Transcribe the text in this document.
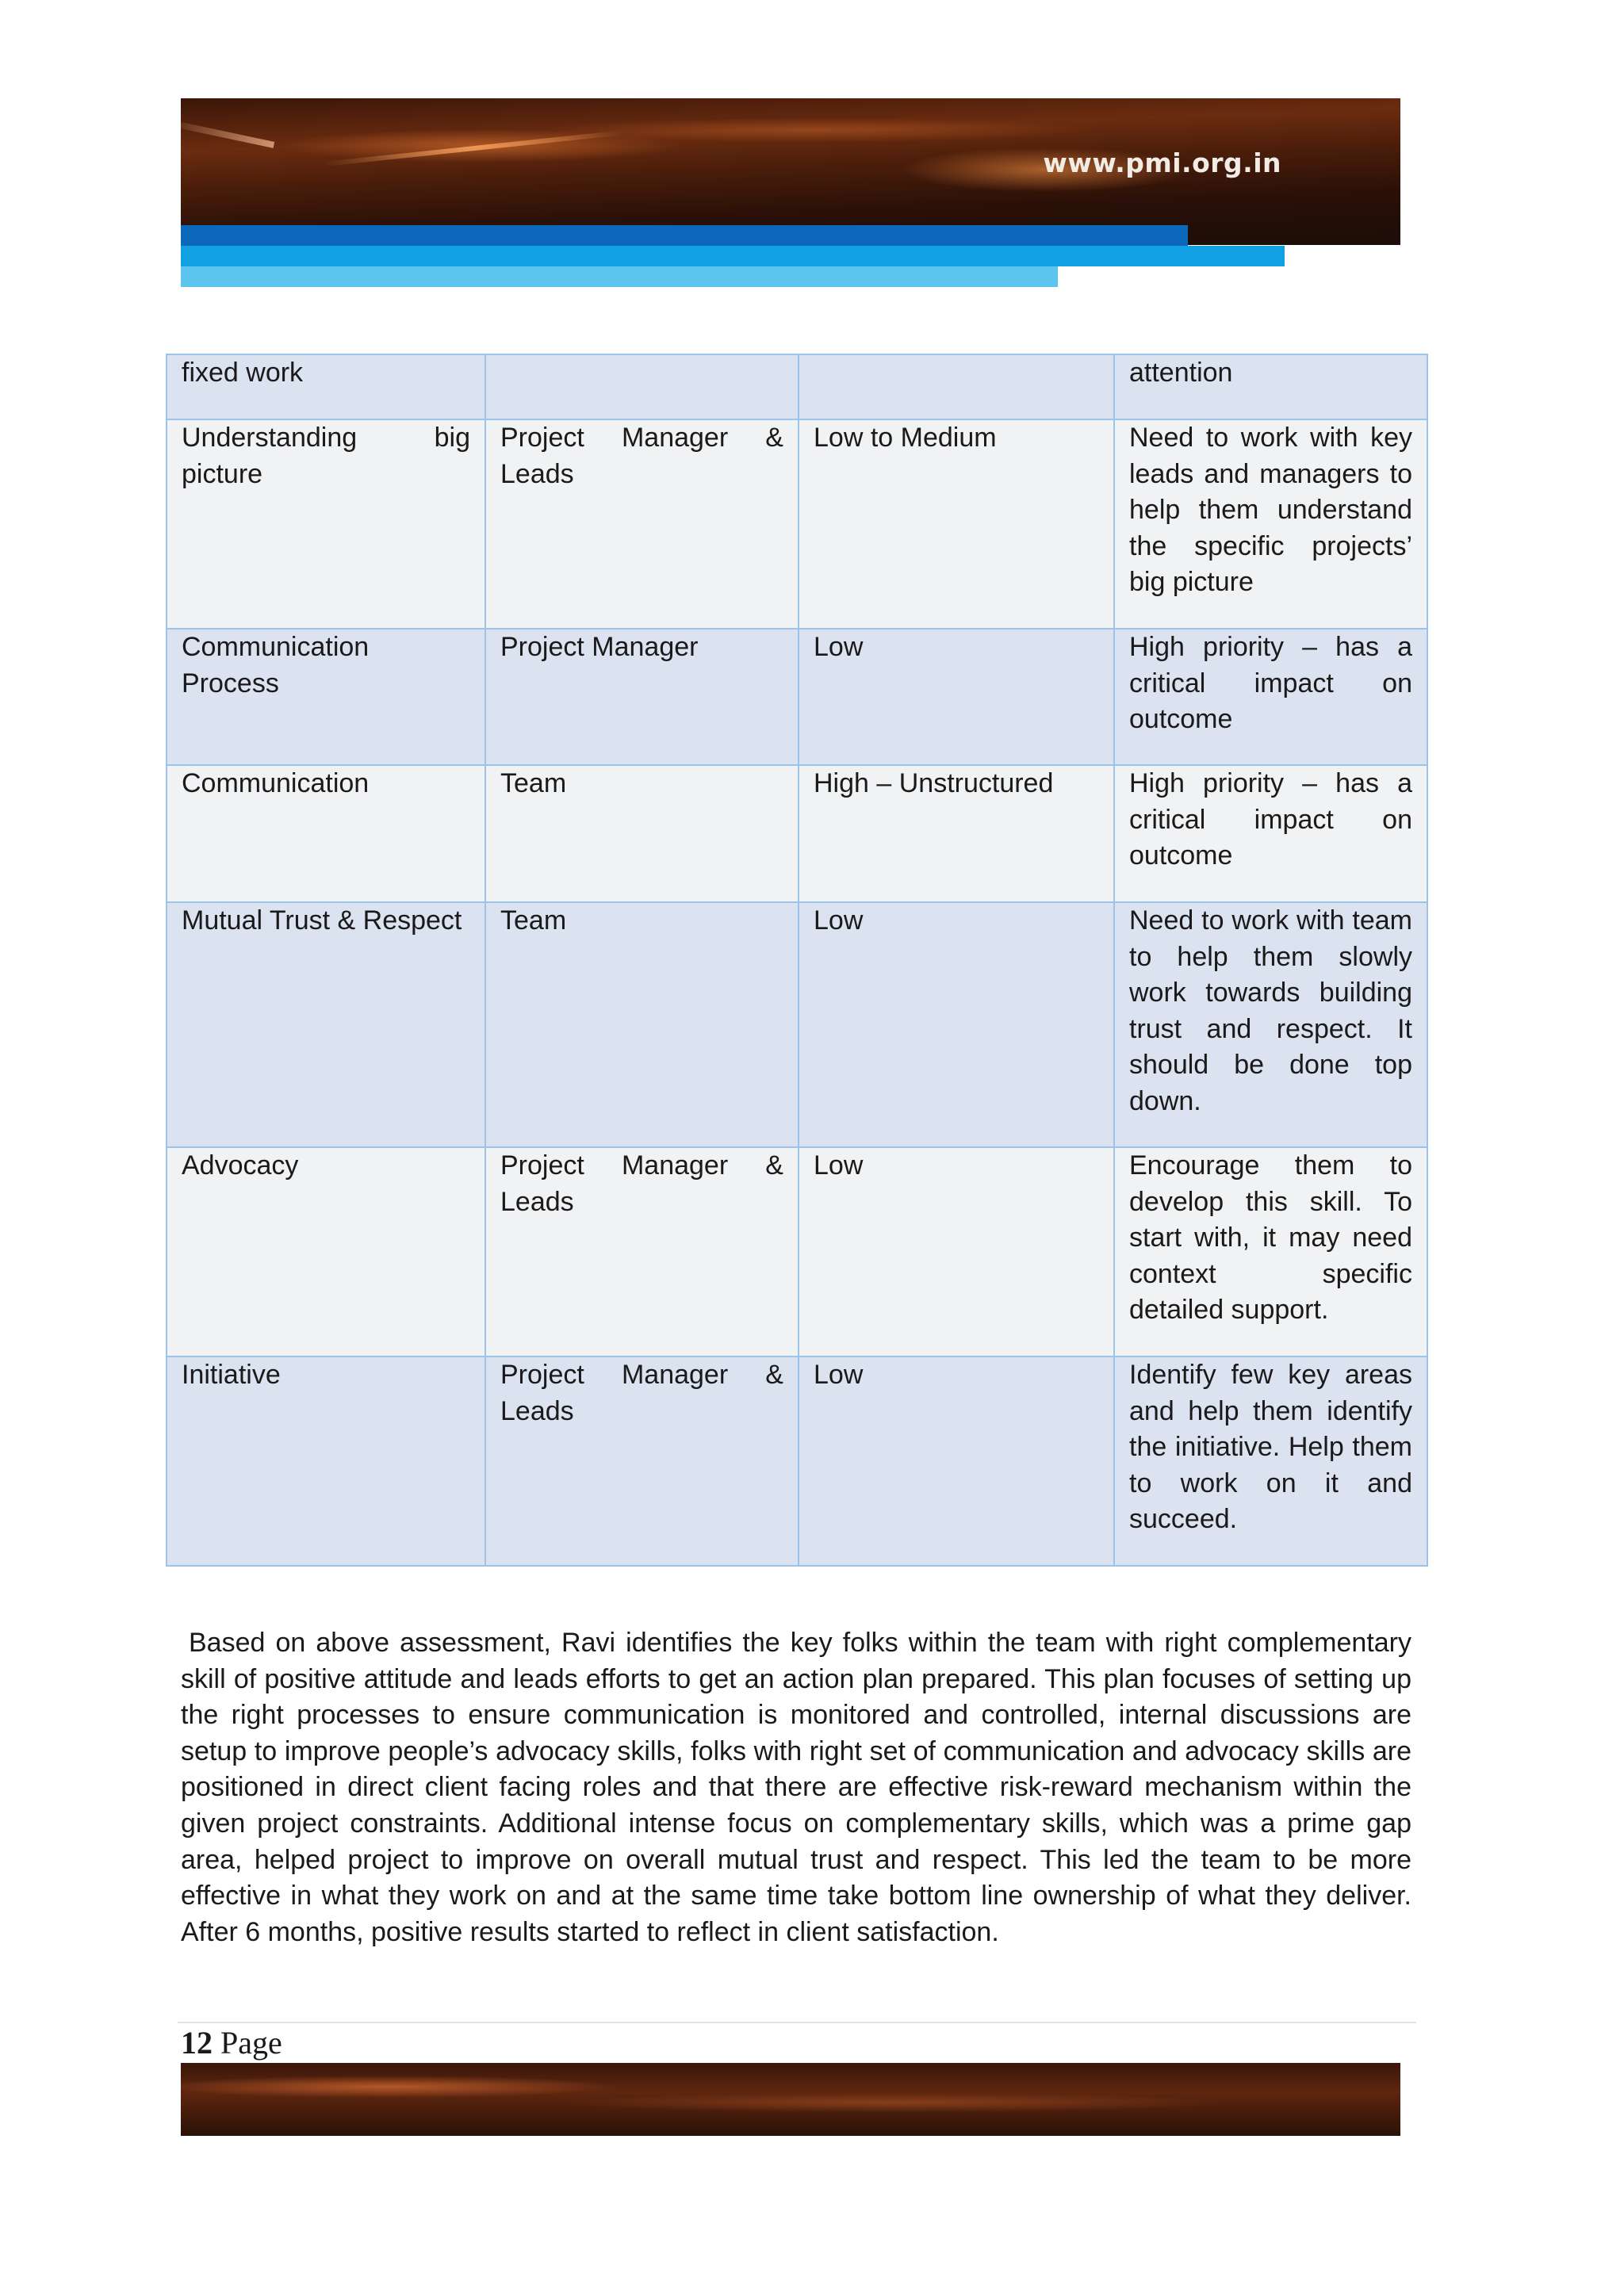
www.pmi.org.in
fixed work			attention
Understanding big picture	Project Manager & Leads	Low to Medium	Need to work with key leads and managers to help them understand the specific projects’ big picture
Communication Process	Project Manager	Low	High priority – has a critical impact on outcome
Communication	Team	High – Unstructured	High priority – has a critical impact on outcome
Mutual Trust & Respect	Team	Low	Need to work with team to help them slowly work towards building trust and respect. It should be done top down.
Advocacy	Project Manager & Leads	Low	Encourage them to develop this skill. To start with, it may need context specific detailed support.
Initiative	Project Manager & Leads	Low	Identify few key areas and help them identify the initiative. Help them to work on it and succeed.

Based on above assessment, Ravi identifies the key folks within the team with right complementary skill of positive attitude and leads efforts to get an action plan prepared. This plan focuses of setting up the right processes to ensure communication is monitored and controlled, internal discussions are setup to improve people’s advocacy skills, folks with right set of communication and advocacy skills are positioned in direct client facing roles and that there are effective risk-reward mechanism within the given project constraints. Additional intense focus on complementary skills, which was a prime gap area, helped project to improve on overall mutual trust and respect. This led the team to be more effective in what they work on and at the same time take bottom line ownership of what they deliver. After 6 months, positive results started to reflect in client satisfaction.

12 Page
